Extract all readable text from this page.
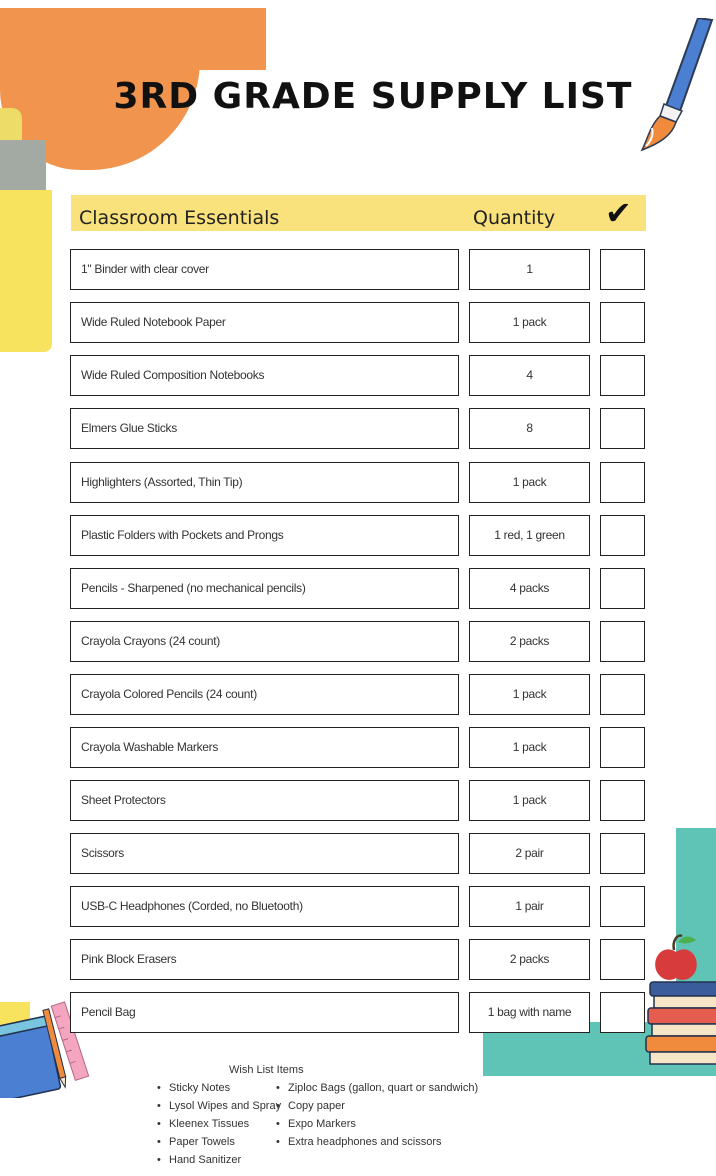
3RD GRADE SUPPLY LIST
Classroom Essentials	Quantity ✔
1" Binder with clear cover	1
Wide Ruled Notebook Paper	1 pack
Wide Ruled Composition Notebooks	4
Elmers Glue Sticks	8
Highlighters (Assorted, Thin Tip)	1 pack
Plastic Folders with Pockets and Prongs	1 red, 1 green
Pencils - Sharpened (no mechanical pencils)	4 packs
Crayola Crayons (24 count)	2 packs
Crayola Colored Pencils (24 count)	1 pack
Crayola Washable Markers	1 pack
Sheet Protectors	1 pack
Scissors	2 pair
USB-C Headphones (Corded, no Bluetooth)	1 pair
Pink Block Erasers	2 packs
Pencil Bag	1 bag with name
Wish List Items
• Sticky Notes
• Lysol Wipes and Spray
• Kleenex Tissues
• Paper Towels
• Hand Sanitizer
• Ziploc Bags (gallon, quart or sandwich)
• Copy paper
• Expo Markers
• Extra headphones and scissors
